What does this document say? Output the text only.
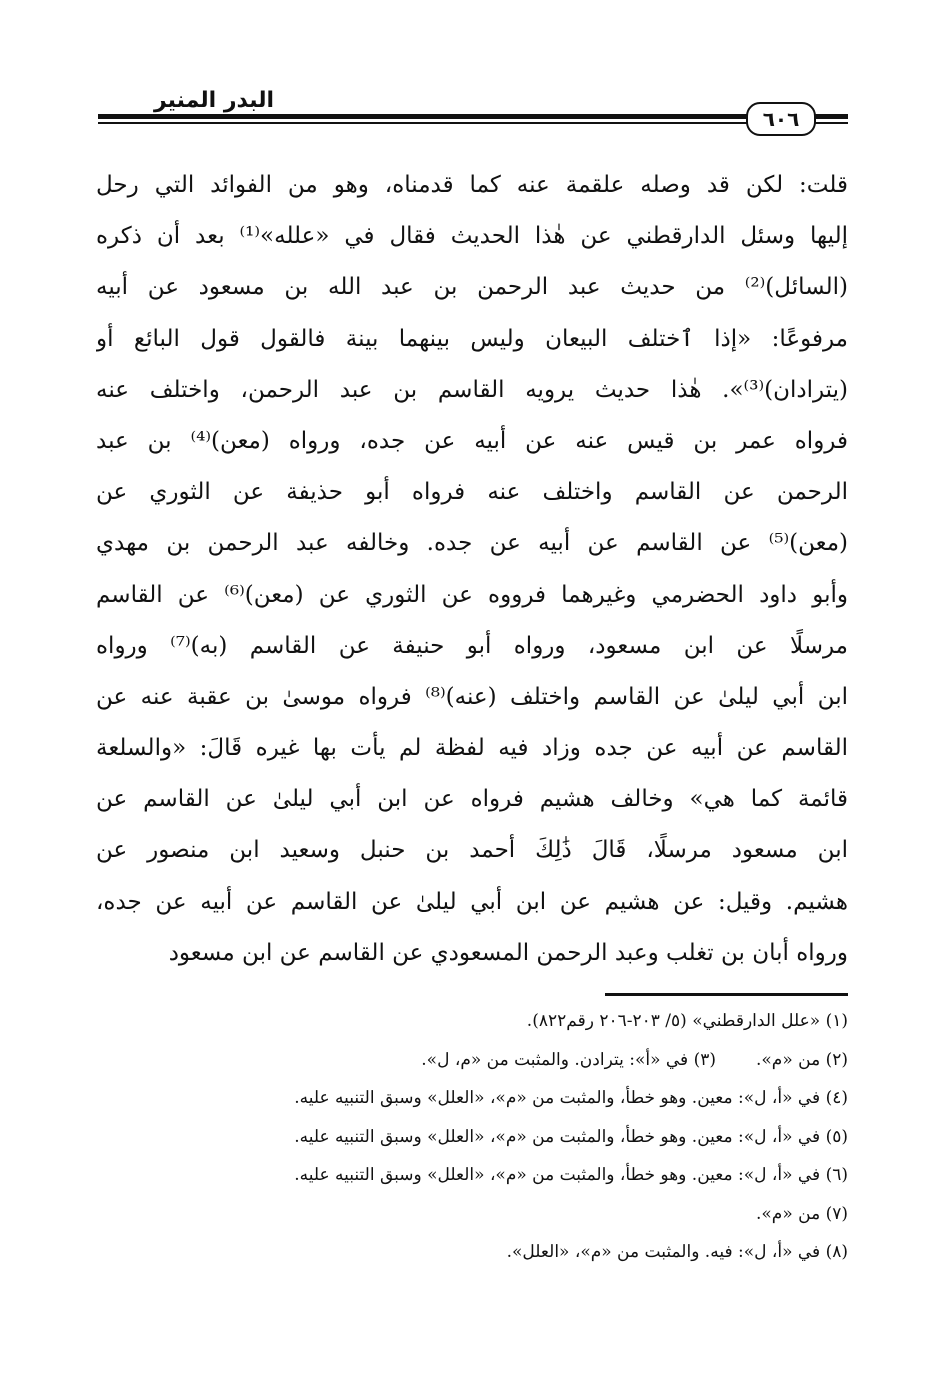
البدر المنير
٦٠٦
قلت: لكن قد وصله علقمة عنه كما قدمناه، وهو من الفوائد التي رحل
إليها وسئل الدارقطني عن هٰذا الحديث فقال في «علله»⁽¹⁾ بعد أن ذكره
(السائل)⁽²⁾ من حديث عبد الرحمن بن عبد الله بن مسعود عن أبيه
مرفوعًا: «إذا ٱختلف البيعان وليس بينهما بينة فالقول قول البائع أو
(يترادان)⁽³⁾». هٰذا حديث يرويه القاسم بن عبد الرحمن، واختلف عنه
فرواه عمر بن قيس عنه عن أبيه عن جده، ورواه (معن)⁽⁴⁾ بن عبد
الرحمن عن القاسم واختلف عنه فرواه أبو حذيفة عن الثوري عن
(معن)⁽⁵⁾ عن القاسم عن أبيه عن جده. وخالفه عبد الرحمن بن مهدي
وأبو داود الحضرمي وغيرهما فرووه عن الثوري عن (معن)⁽⁶⁾ عن القاسم
مرسلًا عن ابن مسعود، ورواه أبو حنيفة عن القاسم (به)⁽⁷⁾ ورواه
ابن أبي ليلىٰ عن القاسم واختلف (عنه)⁽⁸⁾ فرواه موسىٰ بن عقبة عنه عن
القاسم عن أبيه عن جده وزاد فيه لفظة لم يأت بها غيره قَالَ: «والسلعة
قائمة كما هي» وخالف هشيم فرواه عن ابن أبي ليلىٰ عن القاسم عن
ابن مسعود مرسلًا، قَالَ ذَٰلِكَ أحمد بن حنبل وسعيد ابن منصور عن
هشيم. وقيل: عن هشيم عن ابن أبي ليلىٰ عن القاسم عن أبيه عن جده،
ورواه أبان بن تغلب وعبد الرحمن المسعودي عن القاسم عن ابن مسعود
(١) «علل الدارقطني» (٥/ ٢٠٣-٢٠٦ رقم٨٢٢).
(٢) من «م».(٣) في «أ»: يترادن. والمثبت من «م، ل».
(٤) في «أ، ل»: معين. وهو خطأ، والمثبت من «م»، «العلل» وسبق التنبيه عليه.
(٥) في «أ، ل»: معين. وهو خطأ، والمثبت من «م»، «العلل» وسبق التنبيه عليه.
(٦) في «أ، ل»: معين. وهو خطأ، والمثبت من «م»، «العلل» وسبق التنبيه عليه.
(٧) من «م».
(٨) في «أ، ل»: فيه. والمثبت من «م»، «العلل».
